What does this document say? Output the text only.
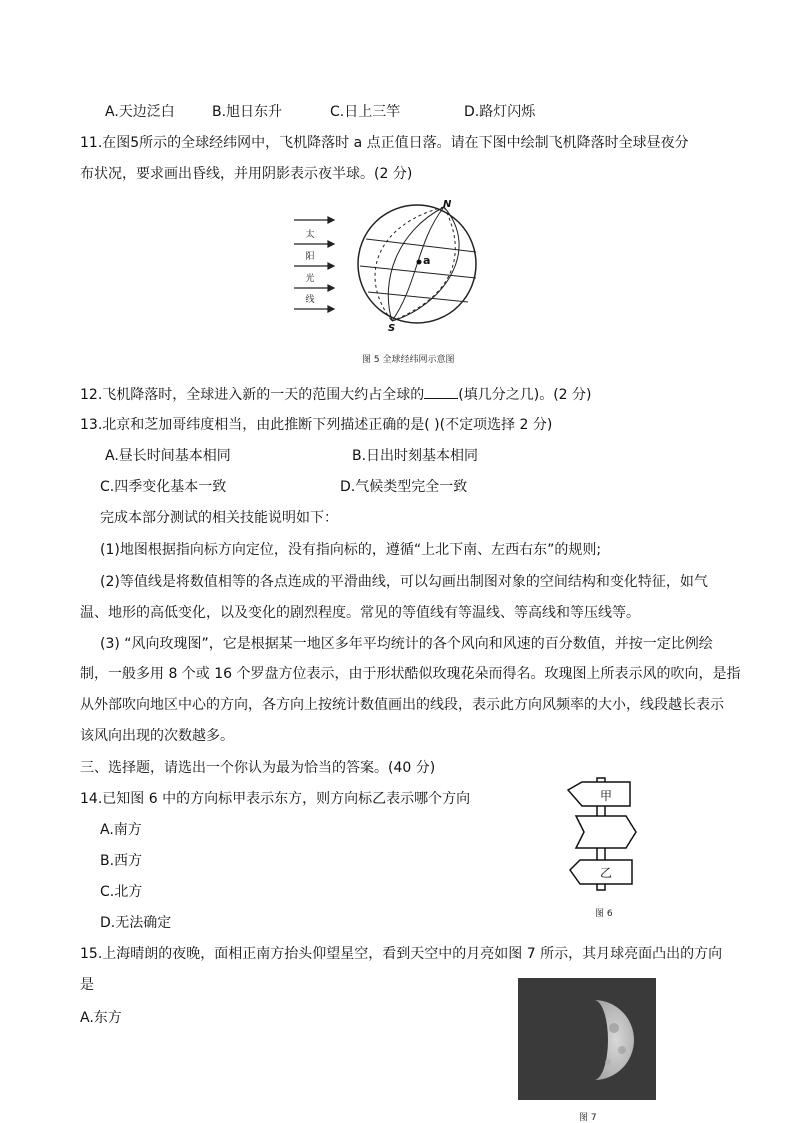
A.天边泛白	B.旭日东升	C.日上三竿	D.路灯闪烁
11.在图5所示的全球经纬网中，飞机降落时 a 点正值日落。请在下图中绘制飞机降落时全球昼夜分
布状况，要求画出昏线，并用阴影表示夜半球。(2 分)
太
阳
光
线
a
N
S
图 5 全球经纬网示意图
12.飞机降落时，全球进入新的一天的范围大约占全球的 (填几分之几)。(2 分)
13.北京和芝加哥纬度相当，由此推断下列描述正确的是( )(不定项选择 2 分)
A.昼长时间基本相同	B.日出时刻基本相同
C.四季变化基本一致	D.气候类型完全一致
完成本部分测试的相关技能说明如下：
(1)地图根据指向标方向定位，没有指向标的，遵循“上北下南、左西右东”的规则;
(2)等值线是将数值相等的各点连成的平滑曲线，可以勾画出制图对象的空间结构和变化特征，如气
温、地形的高低变化，以及变化的剧烈程度。常见的等值线有等温线、等高线和等压线等。
(3) “风向玫瑰图”，它是根据某一地区多年平均统计的各个风向和风速的百分数值，并按一定比例绘
制，一般多用 8 个或 16 个罗盘方位表示，由于形状酷似玫瑰花朵而得名。玫瑰图上所表示风的吹向，是指
从外部吹向地区中心的方向，各方向上按统计数值画出的线段，表示此方向风频率的大小，线段越长表示
该风向出现的次数越多。
三、选择题，请选出一个你认为最为恰当的答案。(40 分)
14.已知图 6 中的方向标甲表示东方，则方向标乙表示哪个方向
A.南方
B.西方
C.北方
D.无法确定
甲
乙
图 6
15.上海晴朗的夜晚，面相正南方抬头仰望星空，看到天空中的月亮如图 7 所示，其月球亮面凸出的方向
是
A.东方
图 7
